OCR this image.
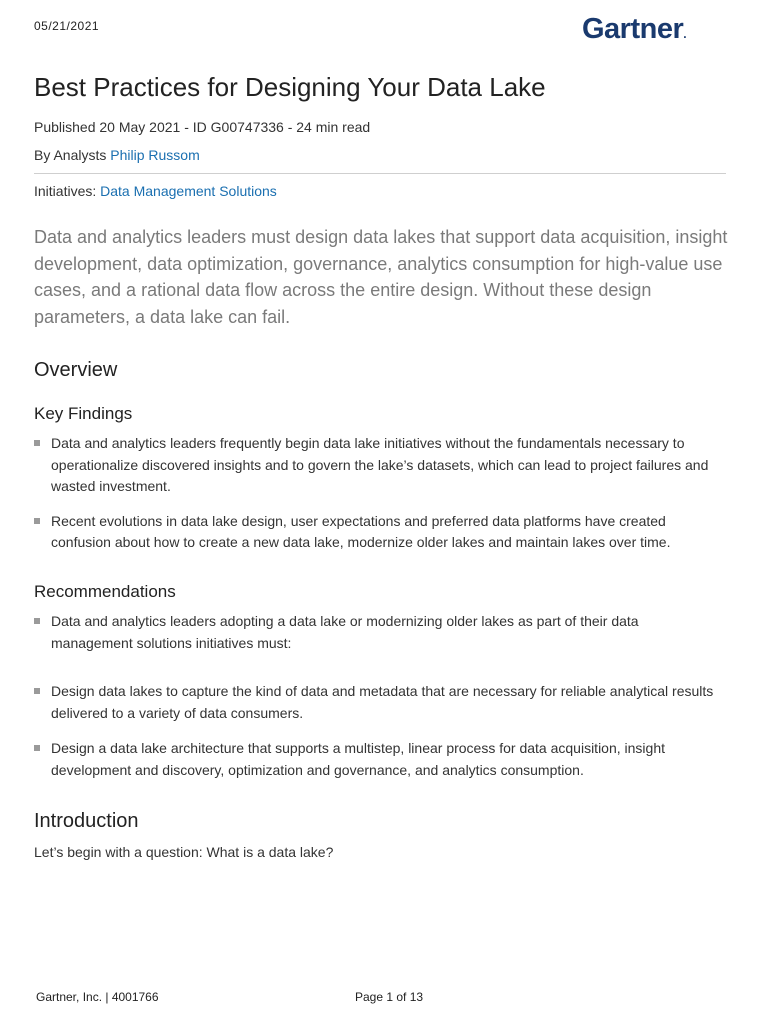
05/21/2021	Gartner.
Best Practices for Designing Your Data Lake
Published 20 May 2021 - ID G00747336 - 24 min read
By Analysts Philip Russom
Initiatives: Data Management Solutions
Data and analytics leaders must design data lakes that support data acquisition, insight development, data optimization, governance, analytics consumption for high-value use cases, and a rational data flow across the entire design. Without these design parameters, a data lake can fail.
Overview
Key Findings
Data and analytics leaders frequently begin data lake initiatives without the fundamentals necessary to operationalize discovered insights and to govern the lake’s datasets, which can lead to project failures and wasted investment.
Recent evolutions in data lake design, user expectations and preferred data platforms have created confusion about how to create a new data lake, modernize older lakes and maintain lakes over time.
Recommendations
Data and analytics leaders adopting a data lake or modernizing older lakes as part of their data management solutions initiatives must:
Design data lakes to capture the kind of data and metadata that are necessary for reliable analytical results delivered to a variety of data consumers.
Design a data lake architecture that supports a multistep, linear process for data acquisition, insight development and discovery, optimization and governance, and analytics consumption.
Introduction
Let’s begin with a question: What is a data lake?
Gartner, Inc. | 4001766	Page 1 of 13
